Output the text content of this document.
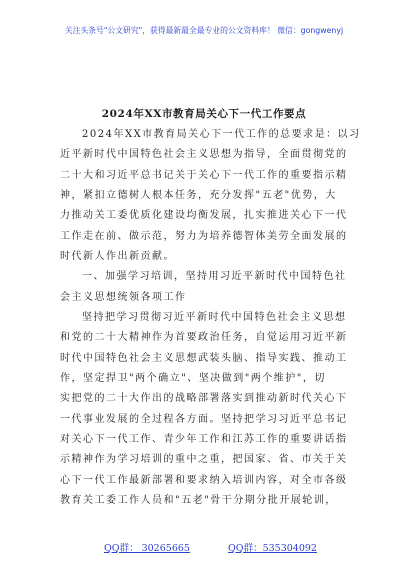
关注头条号"公文研究"，获得最新最全最专业的公文资料库！ 微信：gongwenyj
2024年XX市教育局关心下一代工作要点
2024年XX市教育局关心下一代工作的总要求是：以习
近平新时代中国特色社会主义思想为指导，全面贯彻党的
二十大和习近平总书记关于关心下一代工作的重要指示精
神，紧扣立德树人根本任务，充分发挥"五老"优势，大
力推动关工委优质化建设均衡发展，扎实推进关心下一代
工作走在前、做示范，努力为培养德智体美劳全面发展的
时代新人作出新贡献。
一、加强学习培训，坚持用习近平新时代中国特色社
会主义思想统领各项工作
坚持把学习贯彻习近平新时代中国特色社会主义思想
和党的二十大精神作为首要政治任务，自觉运用习近平新
时代中国特色社会主义思想武装头脑、指导实践、推动工
作，坚定捍卫"两个确立"、坚决做到"两个维护"，切
实把党的二十大作出的战略部署落实到推动新时代关心下
一代事业发展的全过程各方面。坚持把学习习近平总书记
对关心下一代工作、青少年工作和江苏工作的重要讲话指
示精神作为学习培训的重中之重，把国家、省、市关于关
心下一代工作最新部署和要求纳入培训内容，对全市各级
教育关工委工作人员和"五老"骨干分期分批开展轮训，
QQ群： 30265665	QQ群：535304092
